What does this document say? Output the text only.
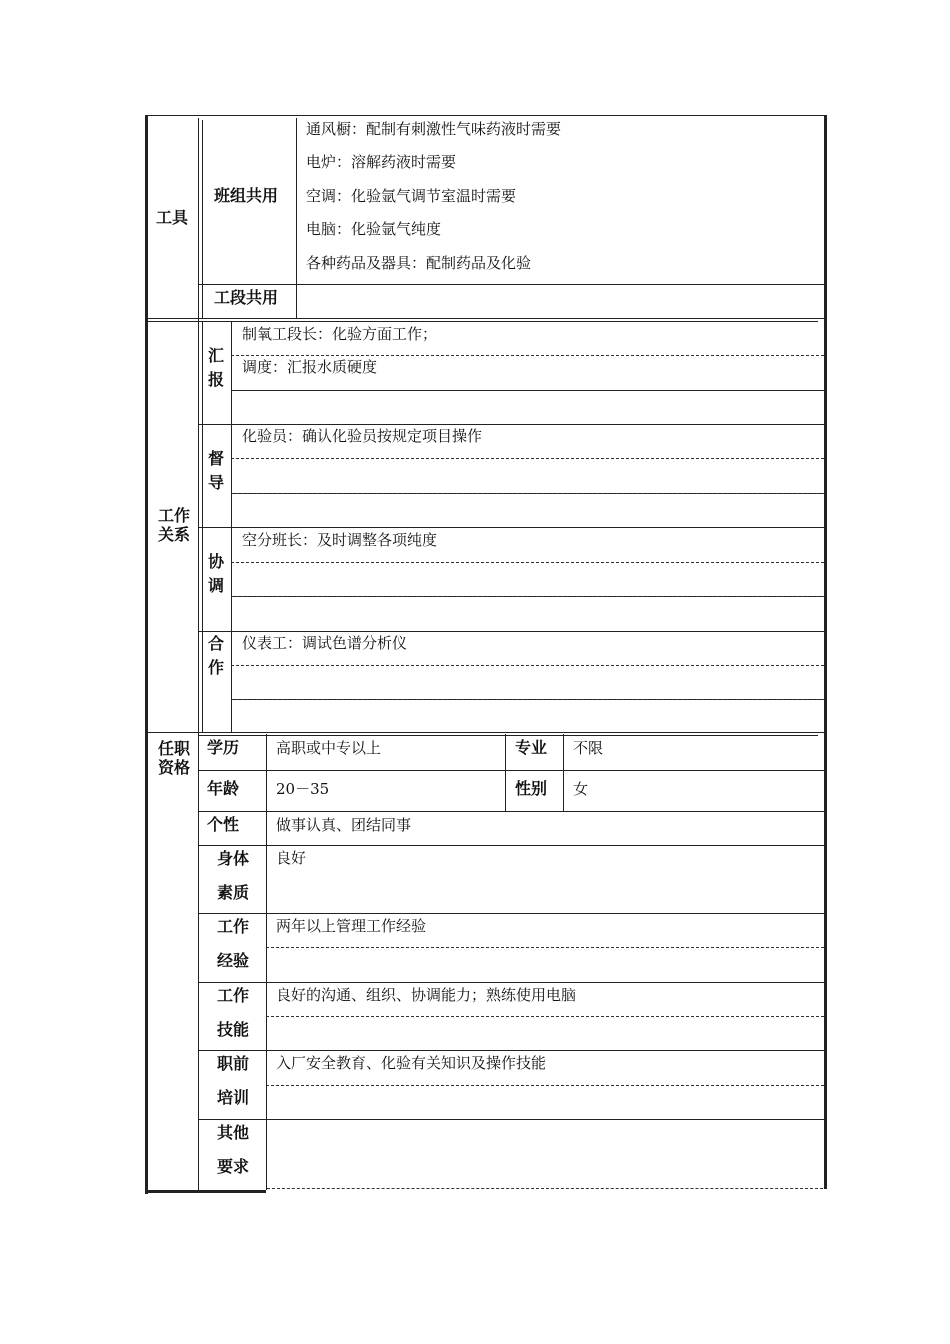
工具
班组共用
通风橱：配制有刺激性气味药液时需要
电炉：溶解药液时需要
空调：化验氩气调节室温时需要
电脑：化验氩气纯度
各种药品及器具：配制药品及化验
工段共用
工作关系
汇报
制氧工段长：化验方面工作；
调度：汇报水质硬度
督导
化验员：确认化验员按规定项目操作
协调
空分班长：及时调整各项纯度
合作
仪表工：调试色谱分析仪
任职资格
学历 高职或中专以上	专业 不限
年龄 20－35	性别 女
个性 做事认真、团结同事
身体
素质
良好
工作
经验
两年以上管理工作经验
工作
技能
良好的沟通、组织、协调能力；熟练使用电脑
职前
培训
入厂安全教育、化验有关知识及操作技能
其他
要求
